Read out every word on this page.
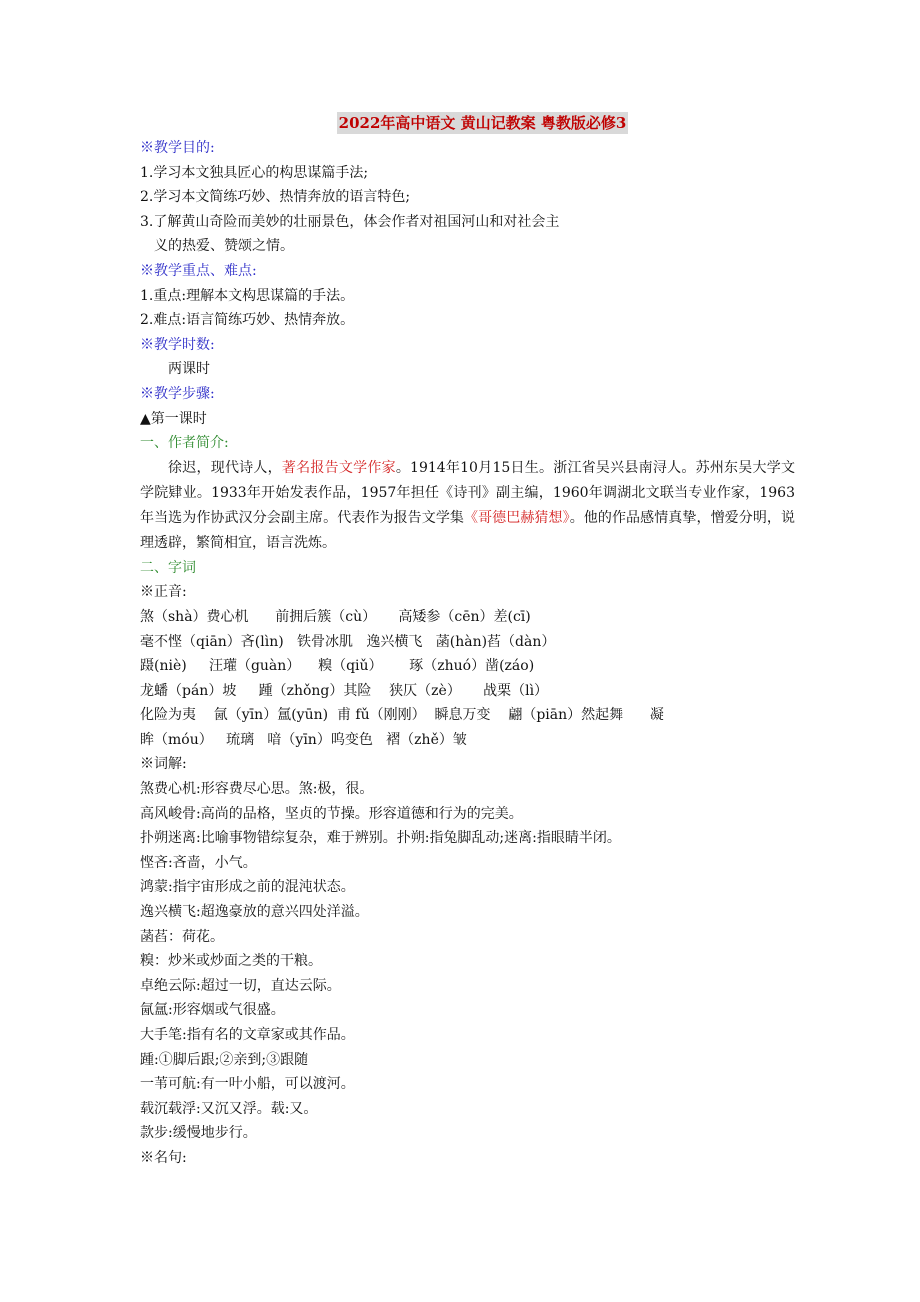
2022年高中语文 黄山记教案 粤教版必修3
※教学目的:
1.学习本文独具匠心的构思谋篇手法;
2.学习本文简练巧妙、热情奔放的语言特色;
3.了解黄山奇险而美妙的壮丽景色，体会作者对祖国河山和对社会主
义的热爱、赞颂之情。
※教学重点、难点:
1.重点:理解本文构思谋篇的手法。
2.难点:语言简练巧妙、热情奔放。
※教学时数:
两课时
※教学步骤:
▲第一课时
一、作者简介:
徐迟，现代诗人，著名报告文学作家。1914年10月15日生。浙江省吴兴县南浔人。苏州东吴大学文学院肄业。1933年开始发表作品，1957年担任《诗刊》副主编，1960年调湖北文联当专业作家，1963年当选为作协武汉分会副主席。代表作为报告文学集《哥德巴赫猜想》。他的作品感情真挚，憎爱分明，说理透辟，繁简相宜，语言洗炼。
二、字词
※正音:
煞（shà）费心机      前拥后簇（cù）     高矮参（cēn）差(cī)
毫不悭（qiān）吝(lìn)   铁骨冰肌   逸兴横飞   菡(hàn)萏（dàn）
蹑(niè)     汪瓘（guàn）    糗（qiǔ）      琢（zhuó）凿(záo)
龙蟠（pán）坡     踵（zhǒng）其险    狭仄（zè）     战栗（lì）
化险为夷    氤（yīn）氲(yūn)  甫 fǔ（刚刚）  瞬息万变    翩（piān）然起舞      凝
眸（móu）   琉璃   喑（yīn）呜变色   褶（zhě）皱
※词解:
煞费心机:形容费尽心思。煞:极，很。
高风峻骨:高尚的品格，坚贞的节操。形容道德和行为的完美。
扑朔迷离:比喻事物错综复杂，难于辨别。扑朔:指兔脚乱动;迷离:指眼睛半闭。
悭吝:吝啬，小气。
鸿蒙:指宇宙形成之前的混沌状态。
逸兴横飞:超逸豪放的意兴四处洋溢。
菡萏：荷花。
糗：炒米或炒面之类的干粮。
卓绝云际:超过一切，直达云际。
氤氲:形容烟或气很盛。
大手笔:指有名的文章家或其作品。
踵:①脚后跟;②亲到;③跟随
一苇可航:有一叶小船，可以渡河。
载沉载浮:又沉又浮。载:又。
款步:缓慢地步行。
※名句:
